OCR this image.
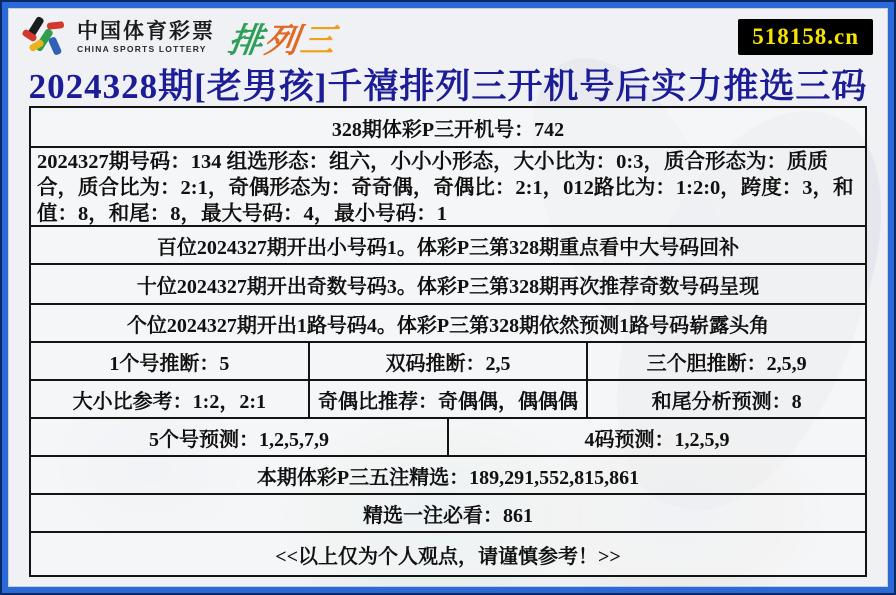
中国体育彩票
CHINA SPORTS LOTTERY 排
列
三	518158.cn
2024328期[老男孩]千禧排列三开机号后实力推选三码
328期体彩P三开机号：742
2024327期号码：134 组选形态：组六，小小小形态，大小比为：0:3，质合形态为：质质合，质合比为：2:1，奇偶形态为：奇奇偶，奇偶比：2:1，012路比为：1:2:0，跨度：3，和值：8，和尾：8，最大号码：4，最小号码：1
百位2024327期开出小号码1。体彩P三第328期重点看中大号码回补
十位2024327期开出奇数号码3。体彩P三第328期再次推荐奇数号码呈现
个位2024327期开出1路号码4。体彩P三第328期依然预测1路号码崭露头角
1个号推断：5	双码推断：2,5	三个胆推断：2,5,9
大小比参考：1:2，2:1	奇偶比推荐：奇偶偶，偶偶偶	和尾分析预测：8
5个号预测：1,2,5,7,9	4码预测：1,2,5,9
本期体彩P三五注精选：189,291,552,815,861
精选一注必看：861
<<以上仅为个人观点，请谨慎参考！>>
